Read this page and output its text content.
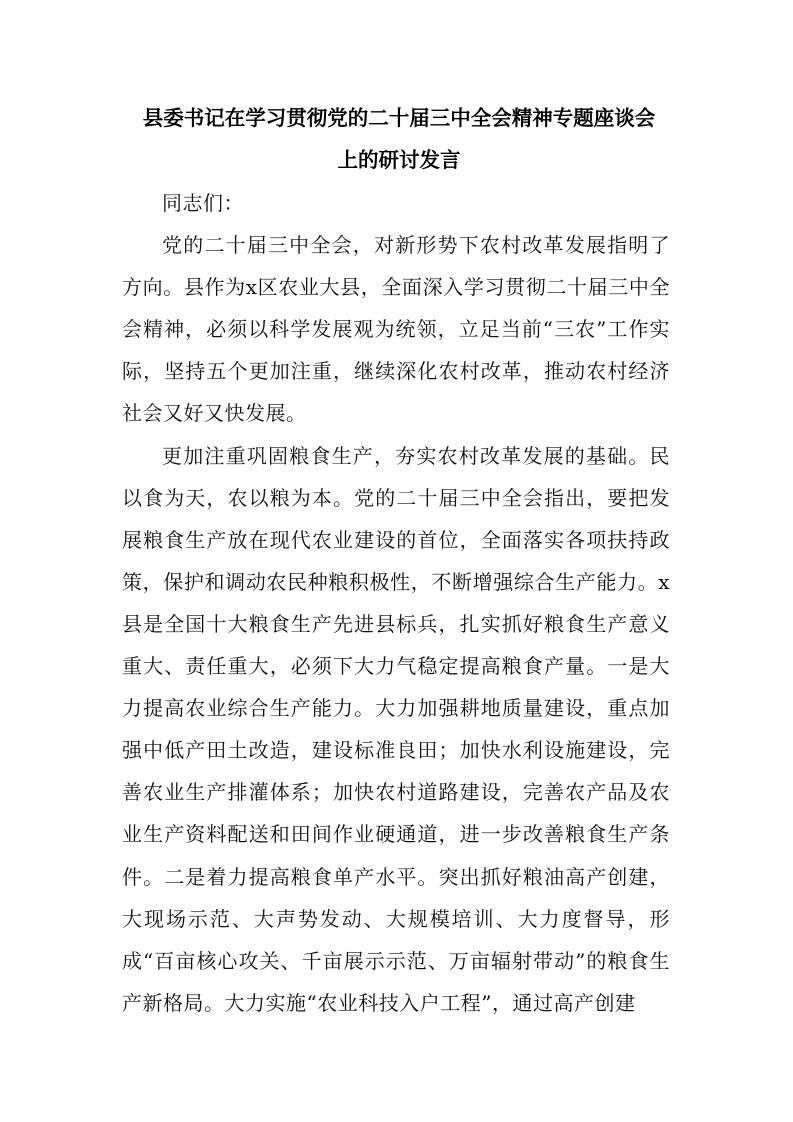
县委书记在学习贯彻党的二十届三中全会精神专题座谈会
上的研讨发言

同志们：

党的二十届三中全会，对新形势下农村改革发展指明了方向。县作为x区农业大县，全面深入学习贯彻二十届三中全会精神，必须以科学发展观为统领，立足当前“三农”工作实际，坚持五个更加注重，继续深化农村改革，推动农村经济社会又好又快发展。

更加注重巩固粮食生产，夯实农村改革发展的基础。民以食为天，农以粮为本。党的二十届三中全会指出，要把发展粮食生产放在现代农业建设的首位，全面落实各项扶持政策，保护和调动农民种粮积极性，不断增强综合生产能力。x县是全国十大粮食生产先进县标兵，扎实抓好粮食生产意义重大、责任重大，必须下大力气稳定提高粮食产量。一是大力提高农业综合生产能力。大力加强耕地质量建设，重点加强中低产田土改造，建设标准良田；加快水利设施建设，完善农业生产排灌体系；加快农村道路建设，完善农产品及农业生产资料配送和田间作业硬通道，进一步改善粮食生产条件。二是着力提高粮食单产水平。突出抓好粮油高产创建，大现场示范、大声势发动、大规模培训、大力度督导，形成“百亩核心攻关、千亩展示示范、万亩辐射带动”的粮食生产新格局。大力实施“农业科技入户工程”，通过高产创建
